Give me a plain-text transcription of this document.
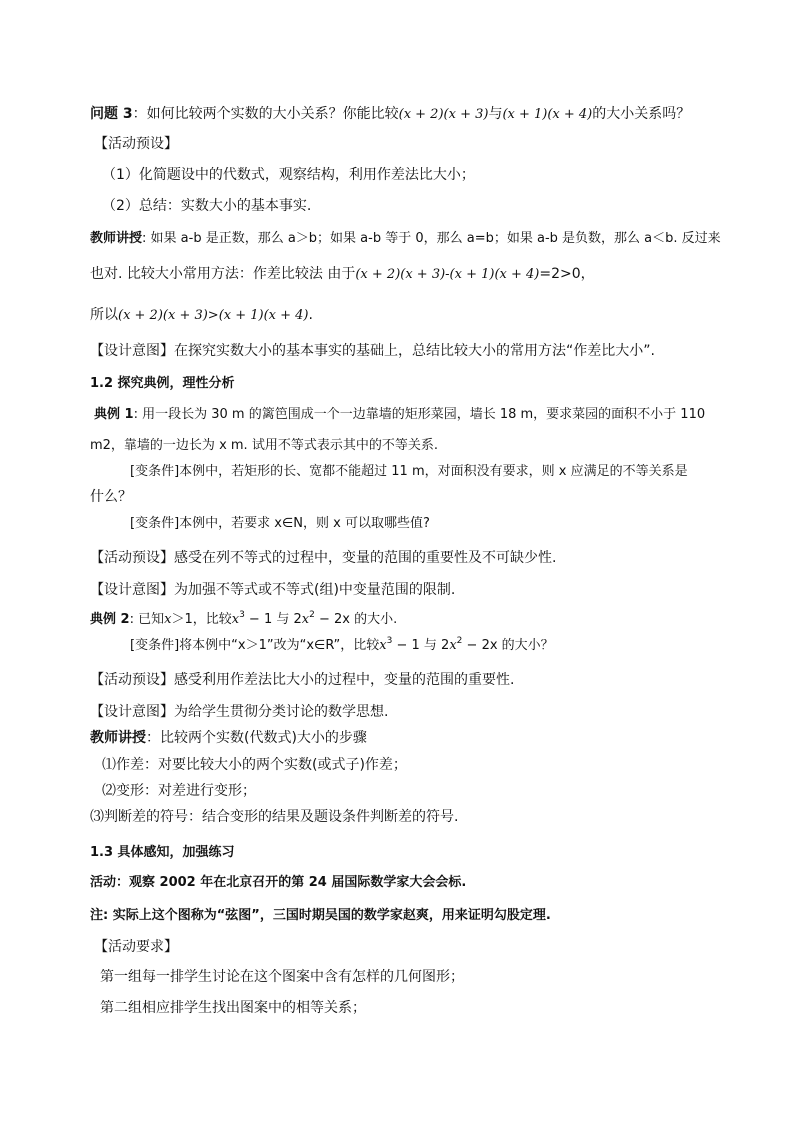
问题 3：如何比较两个实数的大小关系？你能比较(x + 2)(x + 3)与(x + 1)(x + 4)的大小关系吗？
【活动预设】
（1）化简题设中的代数式，观察结构，利用作差法比大小；
（2）总结：实数大小的基本事实.
教师讲授: 如果 a-b 是正数，那么 a＞b；如果 a-b 等于 0，那么 a=b；如果 a-b 是负数，那么 a＜b. 反过来
也对. 比较大小常用方法：作差比较法 由于(x + 2)(x + 3)-(x + 1)(x + 4)=2>0，
所以(x + 2)(x + 3)>(x + 1)(x + 4).
【设计意图】在探究实数大小的基本事实的基础上，总结比较大小的常用方法“作差比大小”.
1.2 探究典例，理性分析
典例 1: 用一段长为 30 m 的篱笆围成一个一边靠墙的矩形菜园，墙长 18 m，要求菜园的面积不小于 110
m2，靠墙的一边长为 x m. 试用不等式表示其中的不等关系.
[变条件]本例中，若矩形的长、宽都不能超过 11 m，对面积没有要求，则 x 应满足的不等关系是
什么？
[变条件]本例中，若要求 x∈N，则 x 可以取哪些值?
【活动预设】感受在列不等式的过程中，变量的范围的重要性及不可缺少性.
【设计意图】为加强不等式或不等式(组)中变量范围的限制.
典例 2: 已知x＞1，比较$x^3 - 1$ 与 $2x^2 - 2x$ 的大小.
[变条件]将本例中“x＞1”改为“x∈R”，比较$x^3 - 1$ 与 $2x^2 - 2x$ 的大小？
【活动预设】感受利用作差法比大小的过程中，变量的范围的重要性.
【设计意图】为给学生贯彻分类讨论的数学思想.
教师讲授：比较两个实数(代数式)大小的步骤
⑴作差：对要比较大小的两个实数(或式子)作差；
⑵变形：对差进行变形；
⑶判断差的符号：结合变形的结果及题设条件判断差的符号.
1.3 具体感知，加强练习
活动：观察 2002 年在北京召开的第 24 届国际数学家大会会标.
注: 实际上这个图称为“弦图”，三国时期吴国的数学家赵爽，用来证明勾股定理.
【活动要求】
第一组每一排学生讨论在这个图案中含有怎样的几何图形；
第二组相应排学生找出图案中的相等关系；
